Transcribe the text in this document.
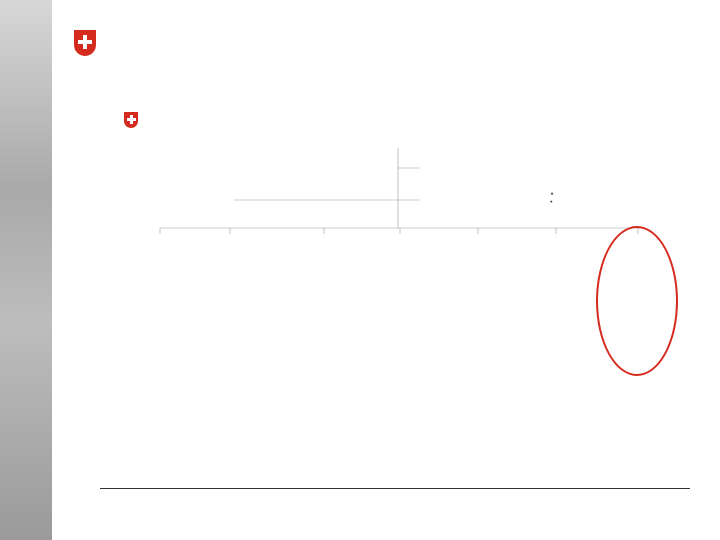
★
●
